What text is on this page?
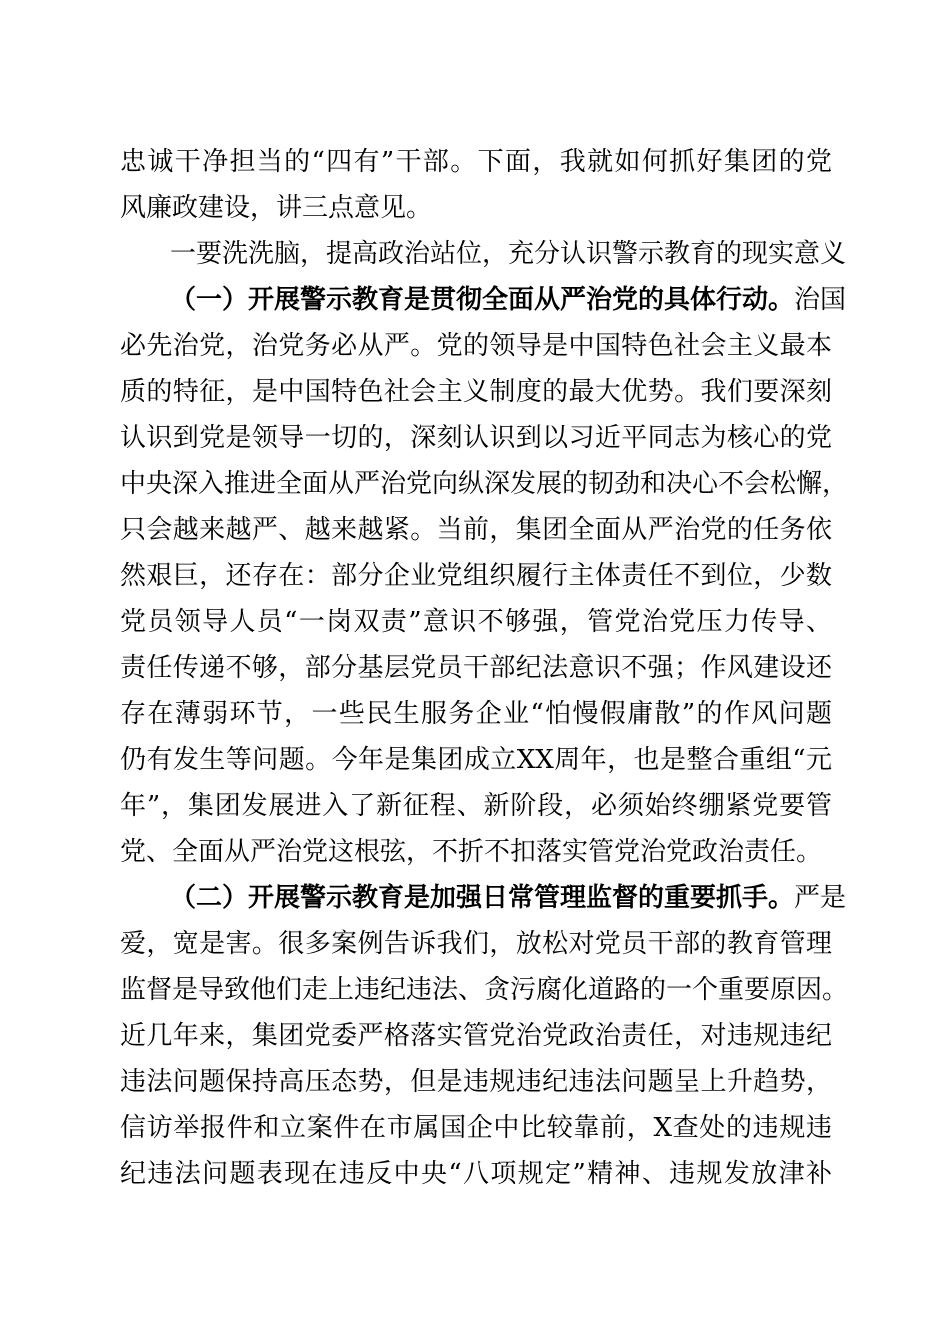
忠诚干净担当的“四有”干部。下面，我就如何抓好集团的党
风廉政建设，讲三点意见。
一要洗洗脑，提高政治站位，充分认识警示教育的现实意义
（一）开展警示教育是贯彻全面从严治党的具体行动。治国
必先治党，治党务必从严。党的领导是中国特色社会主义最本
质的特征，是中国特色社会主义制度的最大优势。我们要深刻
认识到党是领导一切的，深刻认识到以习近平同志为核心的党
中央深入推进全面从严治党向纵深发展的韧劲和决心不会松懈，
只会越来越严、越来越紧。当前，集团全面从严治党的任务依
然艰巨，还存在：部分企业党组织履行主体责任不到位，少数
党员领导人员“一岗双责”意识不够强，管党治党压力传导、
责任传递不够，部分基层党员干部纪法意识不强；作风建设还
存在薄弱环节，一些民生服务企业“怕慢假庸散”的作风问题
仍有发生等问题。今年是集团成立XX周年，也是整合重组“元
年”，集团发展进入了新征程、新阶段，必须始终绷紧党要管
党、全面从严治党这根弦，不折不扣落实管党治党政治责任。
（二）开展警示教育是加强日常管理监督的重要抓手。严是
爱，宽是害。很多案例告诉我们，放松对党员干部的教育管理
监督是导致他们走上违纪违法、贪污腐化道路的一个重要原因。
近几年来，集团党委严格落实管党治党政治责任，对违规违纪
违法问题保持高压态势，但是违规违纪违法问题呈上升趋势，
信访举报件和立案件在市属国企中比较靠前，X查处的违规违
纪违法问题表现在违反中央“八项规定”精神、违规发放津补
